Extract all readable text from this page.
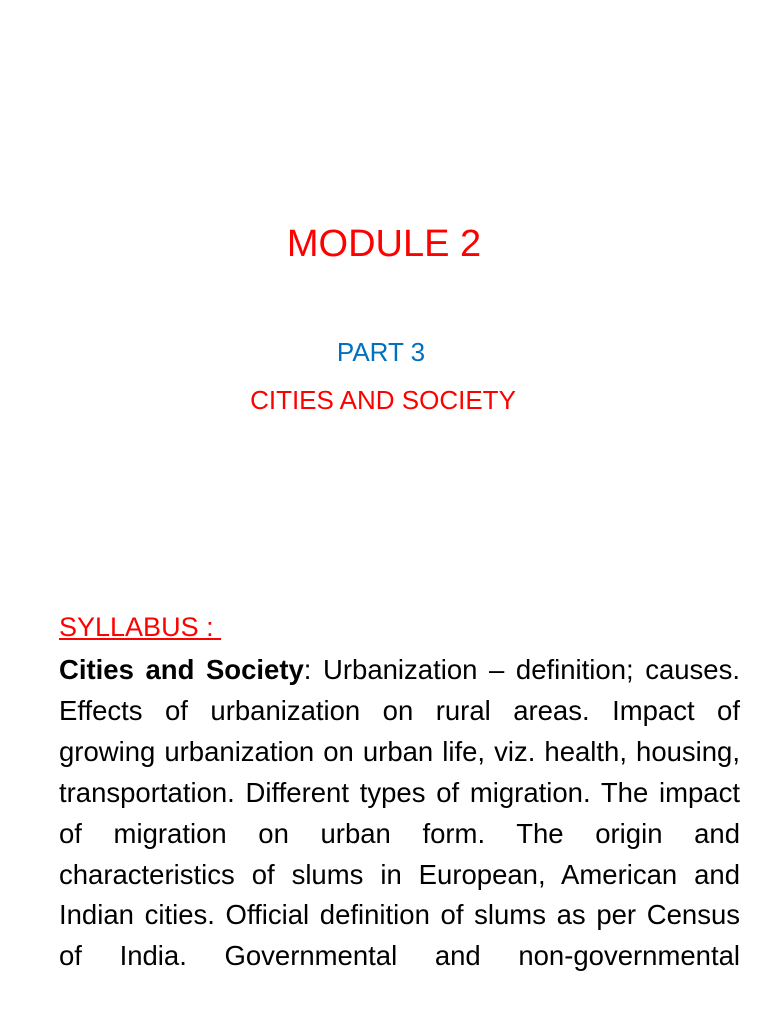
MODULE 2
PART 3
CITIES AND SOCIETY
SYLLABUS :
Cities and Society: Urbanization – definition; causes. Effects of urbanization on rural areas. Impact of growing urbanization on urban life, viz. health, housing, transportation. Different types of migration. The impact of migration on urban form. The origin and characteristics of slums in European, American and Indian cities. Official definition of slums as per Census of India. Governmental and non-governmental
